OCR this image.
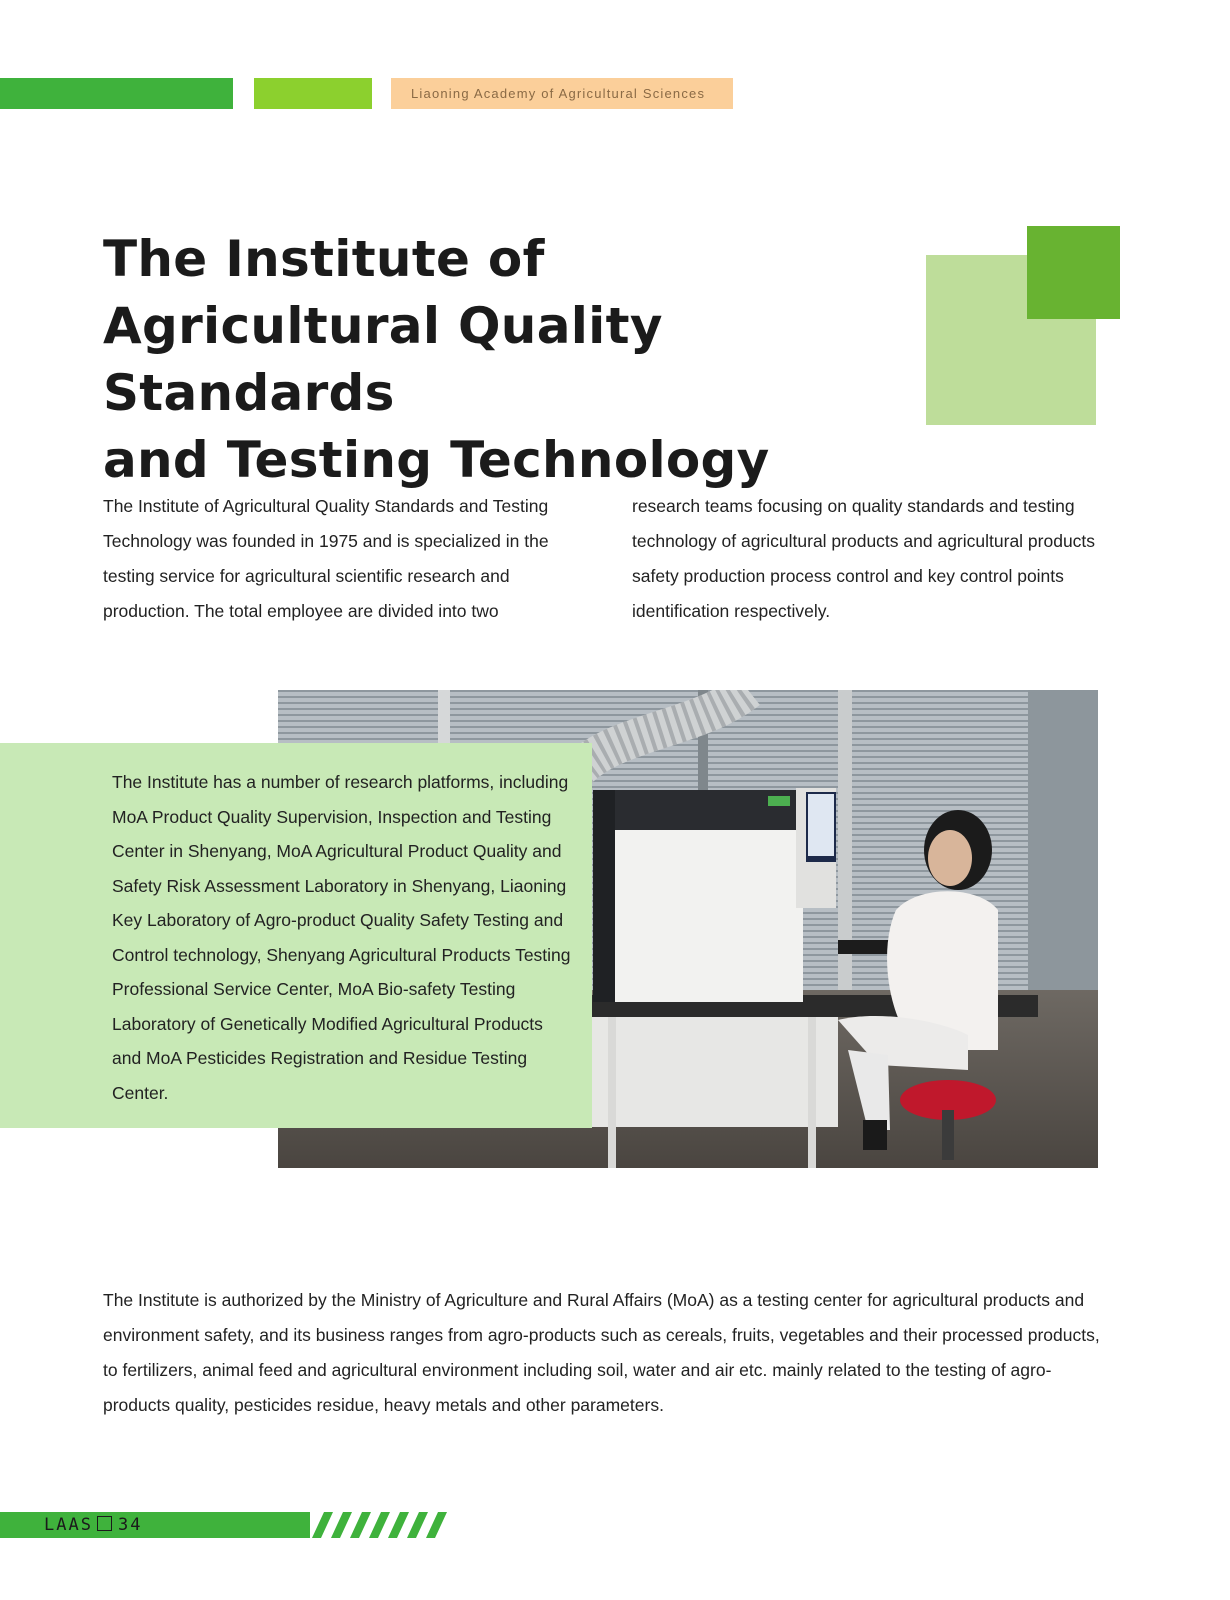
Liaoning Academy of Agricultural Sciences
The Institute of
Agricultural Quality Standards
and Testing Technology

The Institute of Agricultural Quality Standards and Testing Technology was founded in 1975 and is specialized in the testing service for agricultural scientific research and production. The total employee are divided into two

research teams focusing on quality standards and testing technology of agricultural products and agricultural products safety production process control and key control points identification respectively.

The Institute has a number of research platforms, including MoA Product Quality Supervision, Inspection and Testing Center in Shenyang, MoA Agricultural Product Quality and Safety Risk Assessment Laboratory in Shenyang, Liaoning Key Laboratory of Agro-product Quality Safety Testing and Control technology, Shenyang Agricultural Products Testing Professional Service Center, MoA Bio-safety Testing Laboratory of Genetically Modified Agricultural Products and MoA Pesticides Registration and Residue Testing Center.

The Institute is authorized by the Ministry of Agriculture and Rural Affairs (MoA) as a testing center for agricultural products and environment safety, and its business ranges from agro-products such as cereals, fruits, vegetables and their processed products, to fertilizers, animal feed and agricultural environment including soil, water and air etc. mainly related to the testing of agro-products quality, pesticides residue, heavy metals and other parameters.

LAAS 34
